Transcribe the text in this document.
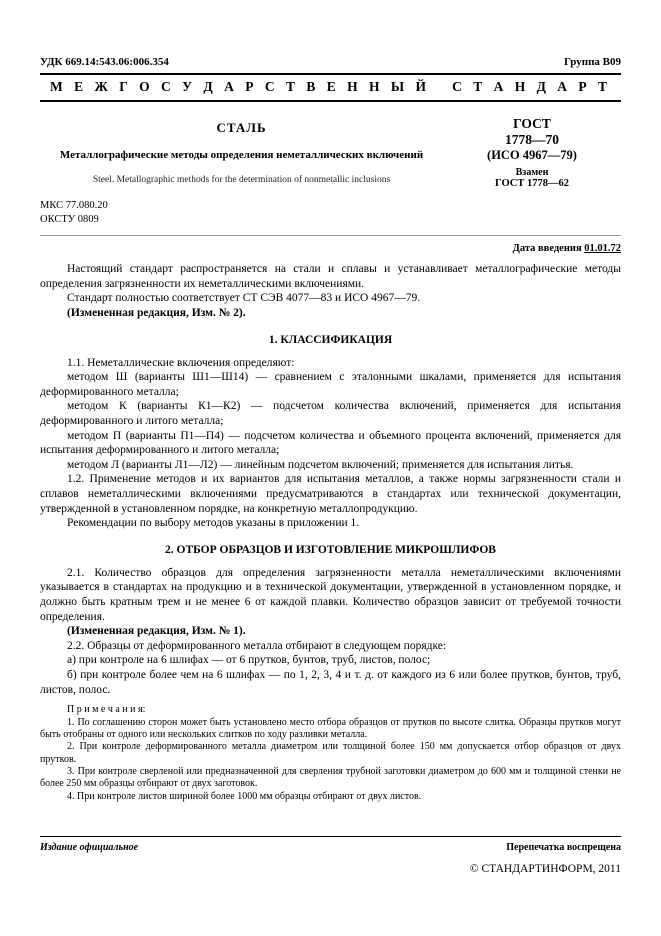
УДК 669.14:543.06:006.354	Группа В09
М Е Ж Г О С У Д А Р С Т В Е Н Н Ы Й   С Т А Н Д А Р Т
СТАЛЬ
Металлографические методы определения неметаллических включений
Steel. Metallographic methods for the determination of nonmetallic inclusions
ГОСТ
1778—70
(ИСО 4967—79)
Взамен
ГОСТ 1778—62
МКС 77.080.20
ОКСТУ 0809
Дата введения 01.01.72

Настоящий стандарт распространяется на стали и сплавы и устанавливает металлографические методы определения загрязненности их неметаллическими включениями.

Стандарт полностью соответствует СТ СЭВ 4077—83 и ИСО 4967—79.

(Измененная редакция, Изм. № 2).

1. КЛАССИФИКАЦИЯ

1.1. Неметаллические включения определяют:

методом Ш (варианты Ш1—Ш14) — сравнением с эталонными шкалами, применяется для испытания деформированного металла;

методом К (варианты К1—К2) — подсчетом количества включений, применяется для испытания деформированного и литого металла;

методом П (варианты П1—П4) — подсчетом количества и объемного процента включений, применяется для испытания деформированного и литого металла;

методом Л (варианты Л1—Л2) — линейным подсчетом включений; применяется для испытания литья.

1.2. Применение методов и их вариантов для испытания металлов, а также нормы загрязненности стали и сплавов неметаллическими включениями предусматриваются в стандартах или технической документации, утвержденной в установленном порядке, на конкретную металлопродукцию.

Рекомендации по выбору методов указаны в приложении 1.

2. ОТБОР ОБРАЗЦОВ И ИЗГОТОВЛЕНИЕ МИКРОШЛИФОВ

2.1. Количество образцов для определения загрязненности металла неметаллическими включениями указывается в стандартах на продукцию и в технической документации, утвержденной в установленном порядке, и должно быть кратным трем и не менее 6 от каждой плавки. Количество образцов зависит от требуемой точности определения.

(Измененная редакция, Изм. № 1).

2.2. Образцы от деформированного металла отбирают в следующем порядке:

а) при контроле на 6 шлифах — от 6 прутков, бунтов, труб, листов, полос;

б) при контроле более чем на 6 шлифах — по 1, 2, 3, 4 и т. д. от каждого из 6 или более прутков, бунтов, труб, листов, полос.

П р и м е ч а н и я:

1. По соглашению сторон может быть установлено место отбора образцов от прутков по высоте слитка. Образцы прутков могут быть отобраны от одного или нескольких слитков по ходу разливки металла.

2. При контроле деформированного металла диаметром или толщиной более 150 мм допускается отбор образцов от двух прутков.

3. При контроле сверленой или предназначенной для сверления трубной заготовки диаметром до 600 мм и толщиной стенки не более 250 мм образцы отбирают от двух заготовок.

4. При контроле листов шириной более 1000 мм образцы отбирают от двух листов.

Издание официальное	Перепечатка воспрещена
© СТАНДАРТИНФОРМ, 2011
